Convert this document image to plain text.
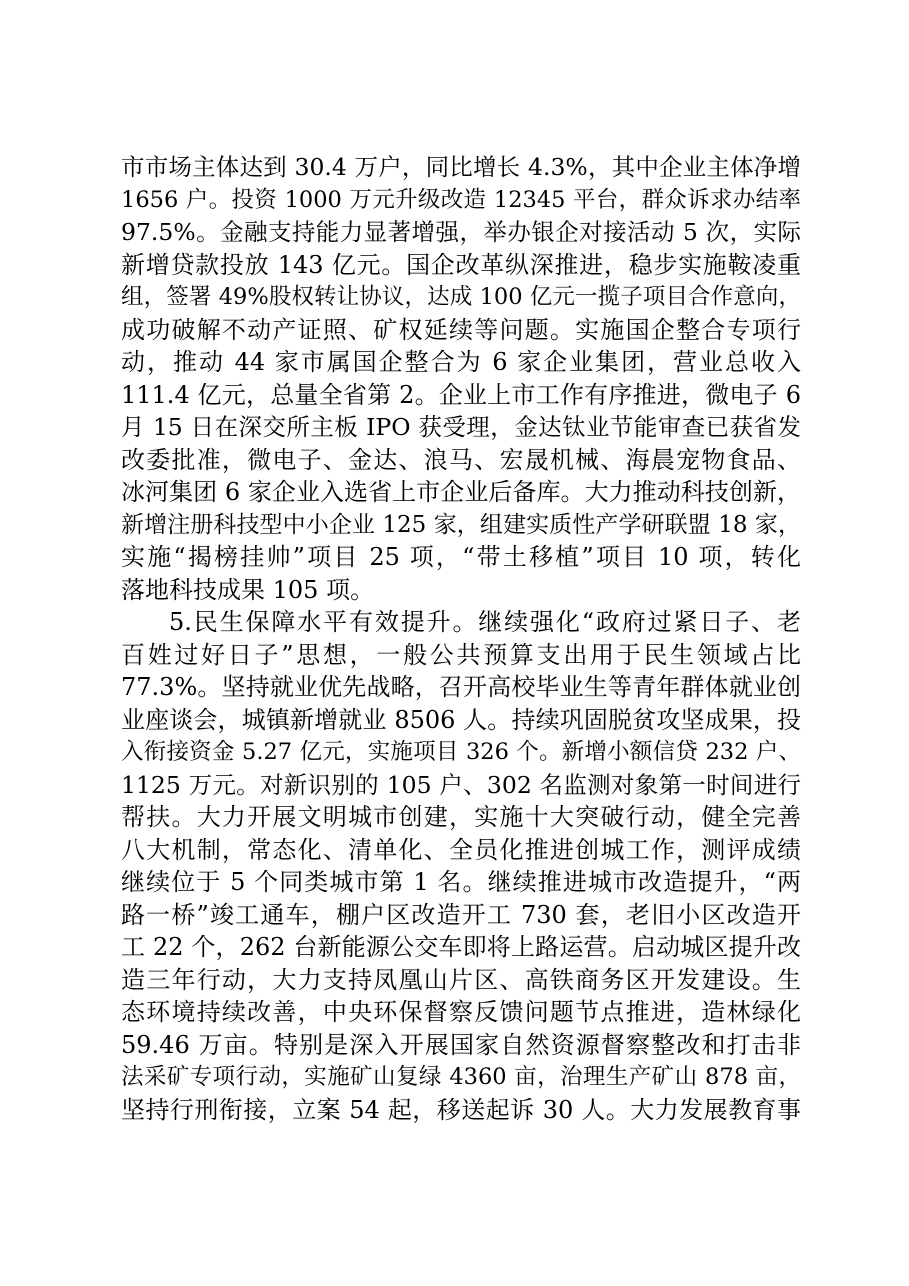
市市场主体达到 30.4 万户，同比增长 4.3%，其中企业主体净增
1656 户。投资 1000 万元升级改造 12345 平台，群众诉求办结率
97.5%。金融支持能力显著增强，举办银企对接活动 5 次，实际
新增贷款投放 143 亿元。国企改革纵深推进，稳步实施鞍凌重
组，签署 49%股权转让协议，达成 100 亿元一揽子项目合作意向，
成功破解不动产证照、矿权延续等问题。实施国企整合专项行
动，推动 44 家市属国企整合为 6 家企业集团，营业总收入
111.4 亿元，总量全省第 2。企业上市工作有序推进，微电子 6
月 15 日在深交所主板 IPO 获受理，金达钛业节能审查已获省发
改委批准，微电子、金达、浪马、宏晟机械、海晨宠物食品、
冰河集团 6 家企业入选省上市企业后备库。大力推动科技创新，
新增注册科技型中小企业 125 家，组建实质性产学研联盟 18 家，
实施“揭榜挂帅”项目 25 项，“带土移植”项目 10 项，转化
落地科技成果 105 项。
5.民生保障水平有效提升。继续强化“政府过紧日子、老
百姓过好日子”思想，一般公共预算支出用于民生领域占比
77.3%。坚持就业优先战略，召开高校毕业生等青年群体就业创
业座谈会，城镇新增就业 8506 人。持续巩固脱贫攻坚成果，投
入衔接资金 5.27 亿元，实施项目 326 个。新增小额信贷 232 户、
1125 万元。对新识别的 105 户、302 名监测对象第一时间进行
帮扶。大力开展文明城市创建，实施十大突破行动，健全完善
八大机制，常态化、清单化、全员化推进创城工作，测评成绩
继续位于 5 个同类城市第 1 名。继续推进城市改造提升，“两
路一桥”竣工通车，棚户区改造开工 730 套，老旧小区改造开
工 22 个，262 台新能源公交车即将上路运营。启动城区提升改
造三年行动，大力支持凤凰山片区、高铁商务区开发建设。生
态环境持续改善，中央环保督察反馈问题节点推进，造林绿化
59.46 万亩。特别是深入开展国家自然资源督察整改和打击非
法采矿专项行动，实施矿山复绿 4360 亩，治理生产矿山 878 亩，
坚持行刑衔接，立案 54 起，移送起诉 30 人。大力发展教育事
